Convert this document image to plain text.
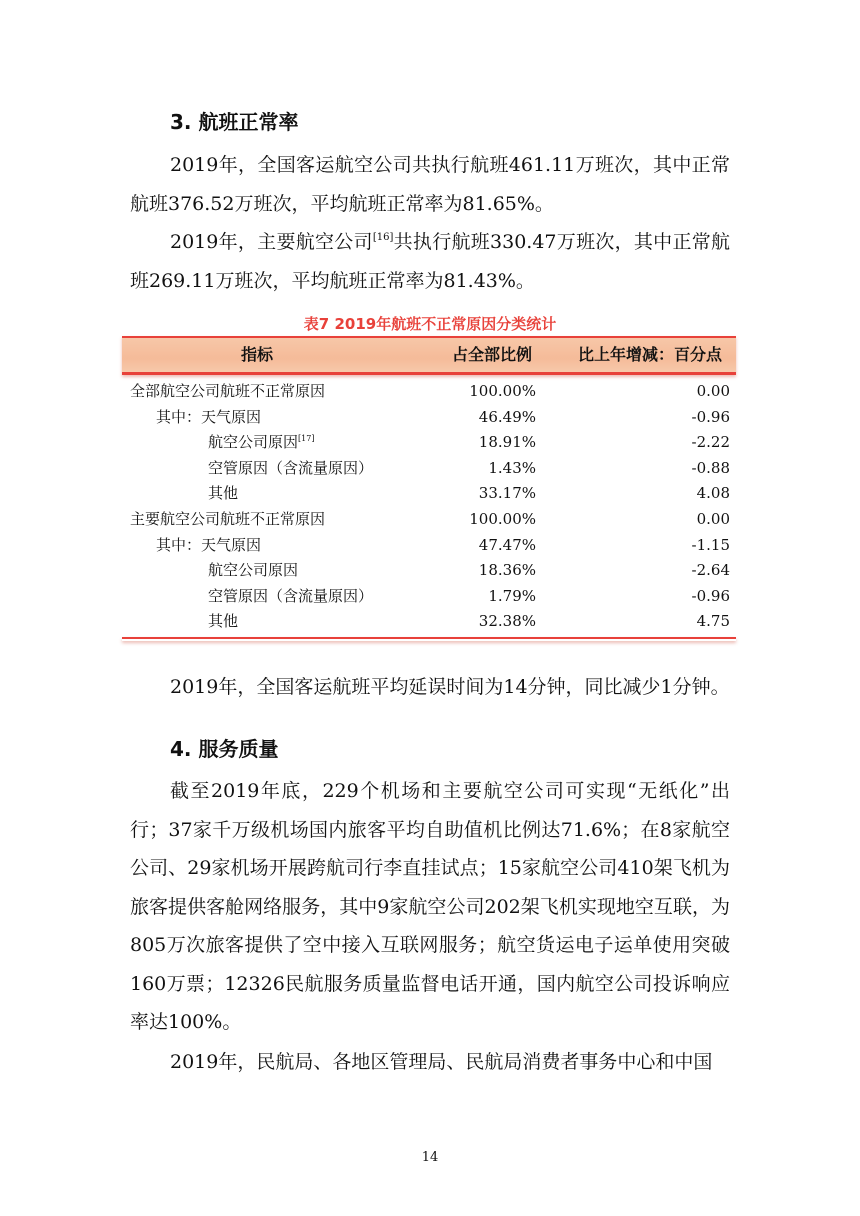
3. 航班正常率

2019年，全国客运航空公司共执行航班461.11万班次，其中正常航班376.52万班次，平均航班正常率为81.65%。

2019年，主要航空公司[16]共执行航班330.47万班次，其中正常航班269.11万班次，平均航班正常率为81.43%。

表7 2019年航班不正常原因分类统计
指标	占全部比例	比上年增减：百分点
全部航空公司航班不正常原因	100.00%	0.00
其中：天气原因	46.49%	-0.96
航空公司原因[17]	18.91%	-2.22
空管原因（含流量原因）	1.43%	-0.88
其他	33.17%	4.08
主要航空公司航班不正常原因	100.00%	0.00
其中：天气原因	47.47%	-1.15
航空公司原因	18.36%	-2.64
空管原因（含流量原因）	1.79%	-0.96
其他	32.38%	4.75

2019年，全国客运航班平均延误时间为14分钟，同比减少1分钟。

4. 服务质量

截至2019年底，229个机场和主要航空公司可实现“无纸化”出行；37家千万级机场国内旅客平均自助值机比例达71.6%；在8家航空公司、29家机场开展跨航司行李直挂试点；15家航空公司410架飞机为旅客提供客舱网络服务，其中9家航空公司202架飞机实现地空互联，为805万次旅客提供了空中接入互联网服务；航空货运电子运单使用突破160万票；12326民航服务质量监督电话开通，国内航空公司投诉响应率达100%。

2019年，民航局、各地区管理局、民航局消费者事务中心和中国

14
